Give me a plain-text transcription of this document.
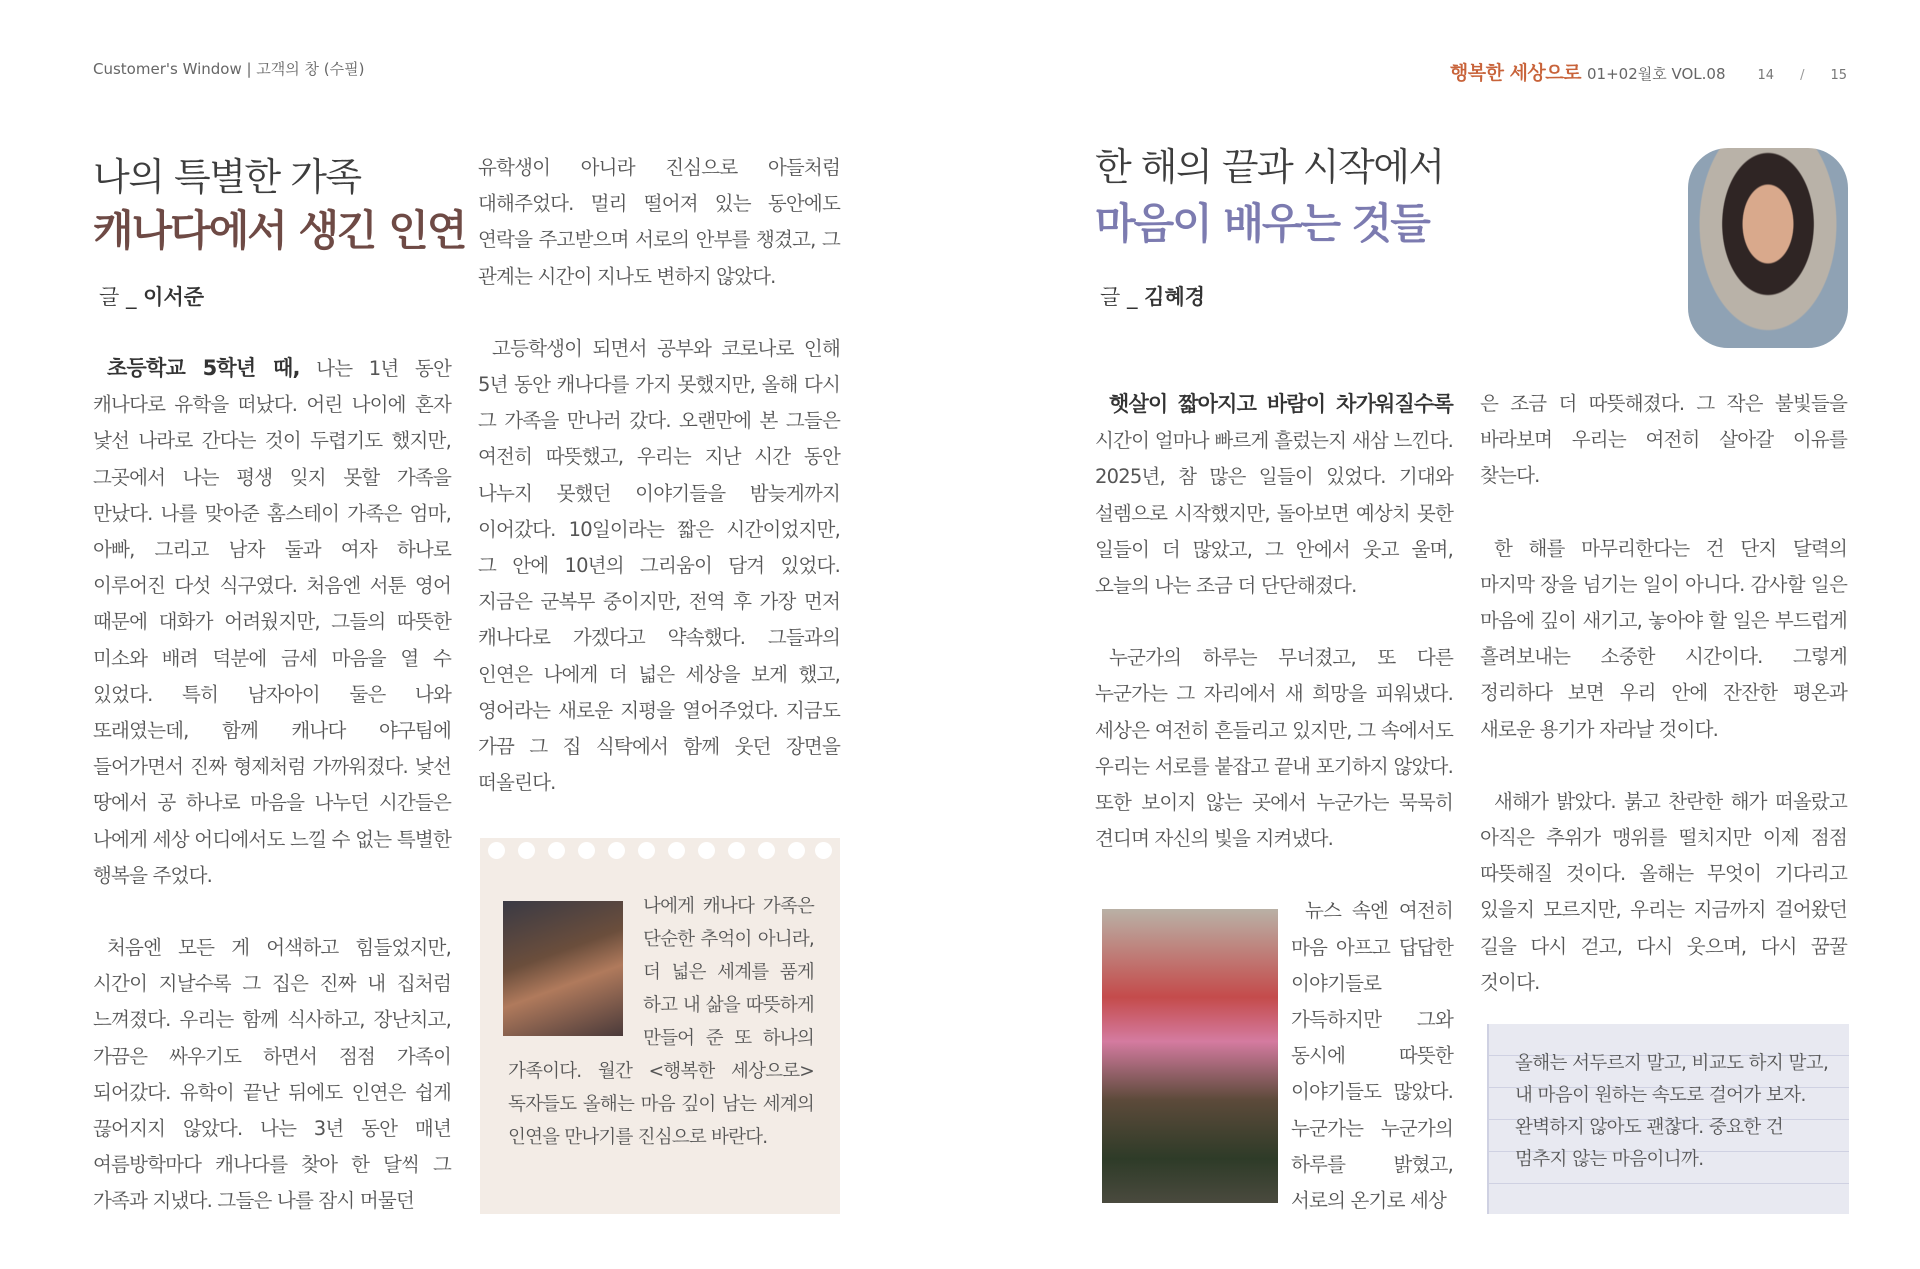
Customer's Window | 고객의 창 (수필)	행복한 세상으로 01+02월호 VOL.08 14 / 15
나의 특별한 가족
캐나다에서 생긴 인연
글 _ 이서준

초등학교 5학년 때, 나는 1년 동안 캐나다로 유학을 떠났다. 어린 나이에 혼자 낯선 나라로 간다는 것이 두렵기도 했지만, 그곳에서 나는 평생 잊지 못할 가족을 만났다. 나를 맞아준 홈스테이 가족은 엄마, 아빠, 그리고 남자 둘과 여자 하나로 이루어진 다섯 식구였다. 처음엔 서툰 영어 때문에 대화가 어려웠지만, 그들의 따뜻한 미소와 배려 덕분에 금세 마음을 열 수 있었다. 특히 남자아이 둘은 나와 또래였는데, 함께 캐나다 야구팀에 들어가면서 진짜 형제처럼 가까워졌다. 낯선 땅에서 공 하나로 마음을 나누던 시간들은 나에게 세상 어디에서도 느낄 수 없는 특별한 행복을 주었다.

처음엔 모든 게 어색하고 힘들었지만, 시간이 지날수록 그 집은 진짜 내 집처럼 느껴졌다. 우리는 함께 식사하고, 장난치고, 가끔은 싸우기도 하면서 점점 가족이 되어갔다. 유학이 끝난 뒤에도 인연은 쉽게 끊어지지 않았다. 나는 3년 동안 매년 여름방학마다 캐나다를 찾아 한 달씩 그 가족과 지냈다. 그들은 나를 잠시 머물던

유학생이 아니라 진심으로 아들처럼 대해주었다. 멀리 떨어져 있는 동안에도 연락을 주고받으며 서로의 안부를 챙겼고, 그 관계는 시간이 지나도 변하지 않았다.

고등학생이 되면서 공부와 코로나로 인해 5년 동안 캐나다를 가지 못했지만, 올해 다시 그 가족을 만나러 갔다. 오랜만에 본 그들은 여전히 따뜻했고, 우리는 지난 시간 동안 나누지 못했던 이야기들을 밤늦게까지 이어갔다. 10일이라는 짧은 시간이었지만, 그 안에 10년의 그리움이 담겨 있었다. 지금은 군복무 중이지만, 전역 후 가장 먼저 캐나다로 가겠다고 약속했다. 그들과의 인연은 나에게 더 넓은 세상을 보게 했고, 영어라는 새로운 지평을 열어주었다. 지금도 가끔 그 집 식탁에서 함께 웃던 장면을 떠올린다.

나에게 캐나다 가족은 단순한 추억이 아니라, 더 넓은 세계를 품게 하고 내 삶을 따뜻하게 만들어 준 또 하나의 가족이다. 월간 <행복한 세상으로> 독자들도 올해는 마음 깊이 남는 세계의 인연을 만나기를 진심으로 바란다.
한 해의 끝과 시작에서
마음이 배우는 것들
글 _ 김혜경

햇살이 짧아지고 바람이 차가워질수록 시간이 얼마나 빠르게 흘렀는지 새삼 느낀다. 2025년, 참 많은 일들이 있었다. 기대와 설렘으로 시작했지만, 돌아보면 예상치 못한 일들이 더 많았고, 그 안에서 웃고 울며, 오늘의 나는 조금 더 단단해졌다.

누군가의 하루는 무너졌고, 또 다른 누군가는 그 자리에서 새 희망을 피워냈다. 세상은 여전히 흔들리고 있지만, 그 속에서도 우리는 서로를 붙잡고 끝내 포기하지 않았다. 또한 보이지 않는 곳에서 누군가는 묵묵히 견디며 자신의 빛을 지켜냈다.

뉴스 속엔 여전히 마음 아프고 답답한 이야기들로 가득하지만 그와 동시에 따뜻한 이야기들도 많았다. 누군가는 누군가의 하루를 밝혔고, 서로의 온기로 세상

은 조금 더 따뜻해졌다. 그 작은 불빛들을 바라보며 우리는 여전히 살아갈 이유를 찾는다.

한 해를 마무리한다는 건 단지 달력의 마지막 장을 넘기는 일이 아니다. 감사할 일은 마음에 깊이 새기고, 놓아야 할 일은 부드럽게 흘려보내는 소중한 시간이다. 그렇게 정리하다 보면 우리 안에 잔잔한 평온과 새로운 용기가 자라날 것이다.

새해가 밝았다. 붉고 찬란한 해가 떠올랐고 아직은 추위가 맹위를 떨치지만 이제 점점 따뜻해질 것이다. 올해는 무엇이 기다리고 있을지 모르지만, 우리는 지금까지 걸어왔던 길을 다시 걷고, 다시 웃으며, 다시 꿈꿀 것이다.

올해는 서두르지 말고, 비교도 하지 말고, 내 마음이 원하는 속도로 걸어가 보자. 완벽하지 않아도 괜찮다. 중요한 건 멈추지 않는 마음이니까.
